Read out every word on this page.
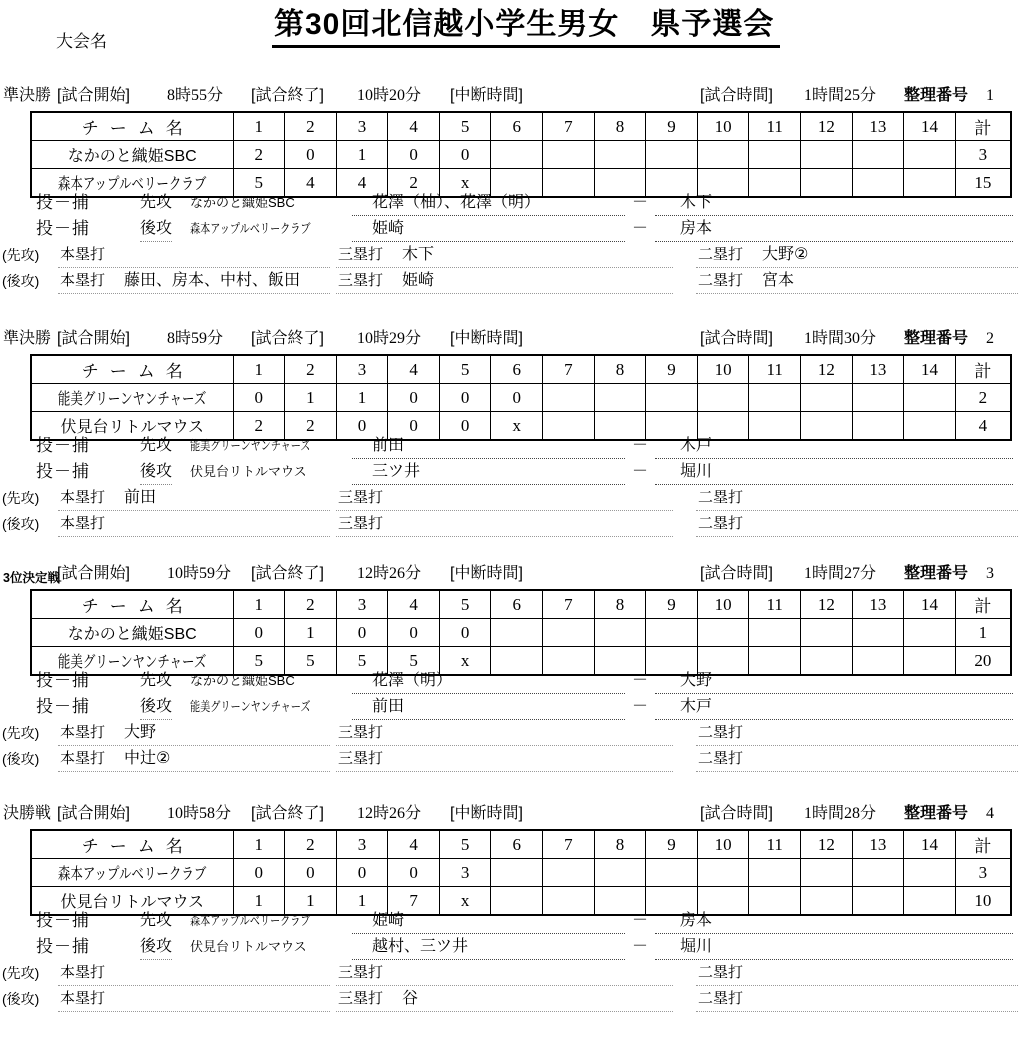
大会名
第30回北信越小学生男女　県予選会
準決勝 [試合開始] 8時55分 [試合終了] 10時20分 [中断時間]	[試合時間] 1時間25分 整理番号 1
チーム名	1	2	3	4	5	6	7	8	9	10	11	12	13	14	計
なかのと織姫SBC	2	0	1	0	0										3
森本アップルベリークラブ	5	4	4	2	x										15
投－捕	先攻 なかのと織姫SBC	花澤（柚）、花澤（明）	－	木下
投－捕	後攻 森本アップルベリークラブ	姫崎	－	房本
(先攻) 本塁打	三塁打 木下	二塁打 大野②
(後攻) 本塁打 藤田、房本、中村、飯田	三塁打 姫崎	二塁打 宮本
準決勝 [試合開始] 8時59分 [試合終了] 10時29分 [中断時間]	[試合時間] 1時間30分 整理番号 2
チーム名	1	2	3	4	5	6	7	8	9	10	11	12	13	14	計
能美グリーンヤンチャーズ	0	1	1	0	0	0									2
伏見台リトルマウス	2	2	0	0	0	x									4
投－捕	先攻 能美グリーンヤンチャーズ	前田	－	木戸
投－捕	後攻 伏見台リトルマウス	三ツ井	－	堀川
(先攻) 本塁打 前田	三塁打	二塁打
(後攻) 本塁打	三塁打	二塁打
3位決定戦
[試合開始] 10時59分 [試合終了] 12時26分 [中断時間]	[試合時間] 1時間27分 整理番号 3
チーム名	1	2	3	4	5	6	7	8	9	10	11	12	13	14	計
なかのと織姫SBC	0	1	0	0	0										1
能美グリーンヤンチャーズ	5	5	5	5	x										20
投－捕	先攻 なかのと織姫SBC	花澤（明）	－	大野
投－捕	後攻 能美グリーンヤンチャーズ	前田	－	木戸
(先攻) 本塁打 大野	三塁打	二塁打
(後攻) 本塁打 中辻②	三塁打	二塁打
決勝戦 [試合開始] 10時58分 [試合終了] 12時26分 [中断時間]	[試合時間] 1時間28分 整理番号 4
チーム名	1	2	3	4	5	6	7	8	9	10	11	12	13	14	計
森本アップルベリークラブ	0	0	0	0	3										3
伏見台リトルマウス	1	1	1	7	x										10
投－捕	先攻 森本アップルベリークラブ	姫崎	－	房本
投－捕	後攻 伏見台リトルマウス	越村、三ツ井	－	堀川
(先攻) 本塁打	三塁打	二塁打
(後攻) 本塁打	三塁打 谷	二塁打
